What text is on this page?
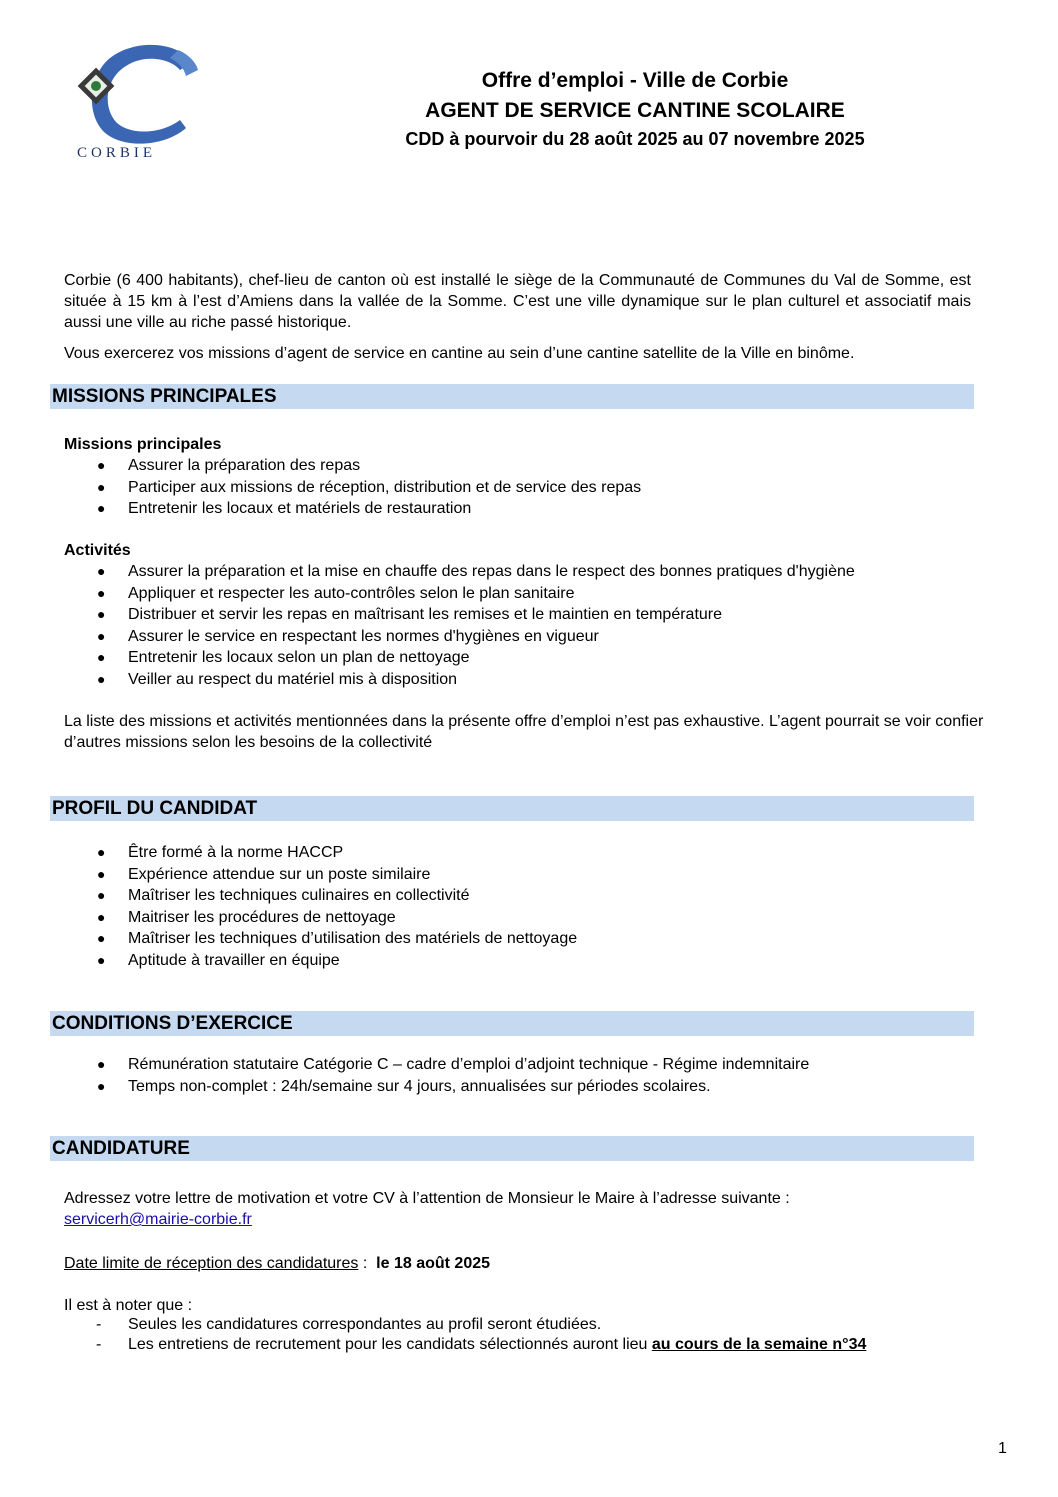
CORBIE
Offre d’emploi - Ville de Corbie
AGENT DE SERVICE CANTINE SCOLAIRE
CDD à pourvoir du 28 août 2025 au 07 novembre 2025
Corbie (6 400 habitants), chef-lieu de canton où est installé le siège de la Communauté de Communes du Val de Somme, est située à 15 km à l’est d’Amiens dans la vallée de la Somme. C’est une ville dynamique sur le plan culturel et associatif mais aussi une ville au riche passé historique.
Vous exercerez vos missions d’agent de service en cantine au sein d’une cantine satellite de la Ville en binôme.
MISSIONS PRINCIPALES
Missions principales
● Assurer la préparation des repas
● Participer aux missions de réception, distribution et de service des repas
● Entretenir les locaux et matériels de restauration
Activités
● Assurer la préparation et la mise en chauffe des repas dans le respect des bonnes pratiques d'hygiène
● Appliquer et respecter les auto-contrôles selon le plan sanitaire
● Distribuer et servir les repas en maîtrisant les remises et le maintien en température
● Assurer le service en respectant les normes d'hygiènes en vigueur
● Entretenir les locaux selon un plan de nettoyage
● Veiller au respect du matériel mis à disposition
La liste des missions et activités mentionnées dans la présente offre d’emploi n’est pas exhaustive. L’agent pourrait se voir confier d’autres missions selon les besoins de la collectivité
PROFIL DU CANDIDAT
● Être formé à la norme HACCP
● Expérience attendue sur un poste similaire
● Maîtriser les techniques culinaires en collectivité
● Maitriser les procédures de nettoyage
● Maîtriser les techniques d’utilisation des matériels de nettoyage
● Aptitude à travailler en équipe
CONDITIONS D’EXERCICE
● Rémunération statutaire Catégorie C – cadre d’emploi d’adjoint technique - Régime indemnitaire
● Temps non-complet : 24h/semaine sur 4 jours, annualisées sur périodes scolaires.
CANDIDATURE
Adressez votre lettre de motivation et votre CV à l’attention de Monsieur le Maire à l’adresse suivante :
servicerh@mairie-corbie.fr
Date limite de réception des candidatures :  le 18 août 2025
Il est à noter que :
- Seules les candidatures correspondantes au profil seront étudiées.
- Les entretiens de recrutement pour les candidats sélectionnés auront lieu au cours de la semaine n°34
1
